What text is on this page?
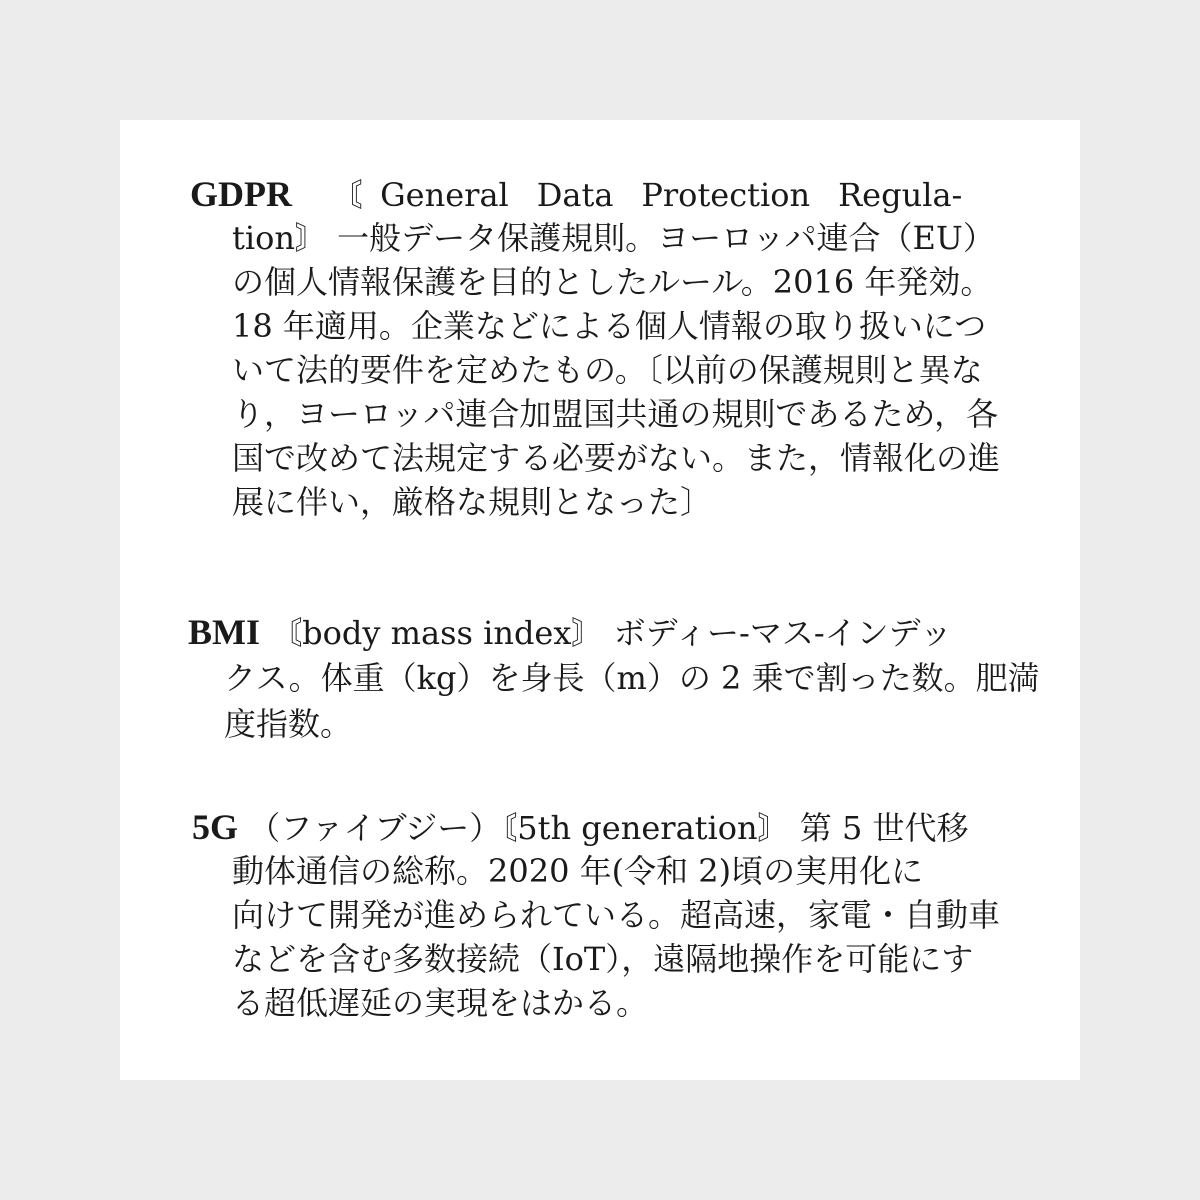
GDPR 〘General Data Protection Regula-
tion〙 一般データ保護規則。ヨーロッパ連合（EU）
の個人情報保護を目的としたルール。2016 年発効。
18 年適用。企業などによる個人情報の取り扱いにつ
いて法的要件を定めたもの。〔以前の保護規則と異な
り，ヨーロッパ連合加盟国共通の規則であるため，各
国で改めて法規定する必要がない。また，情報化の進
展に伴い，厳格な規則となった〕
BMI 〘body mass index〙 ボディー-マス-インデッ
クス。体重（kg）を身長（m）の 2 乗で割った数。肥満
度指数。
5G （ファイブジー）〘5th generation〙 第 5 世代移
動体通信の総称。2020 年(令和 2)頃の実用化に
向けて開発が進められている。超高速，家電・自動車
などを含む多数接続（IoT），遠隔地操作を可能にす
る超低遅延の実現をはかる。
